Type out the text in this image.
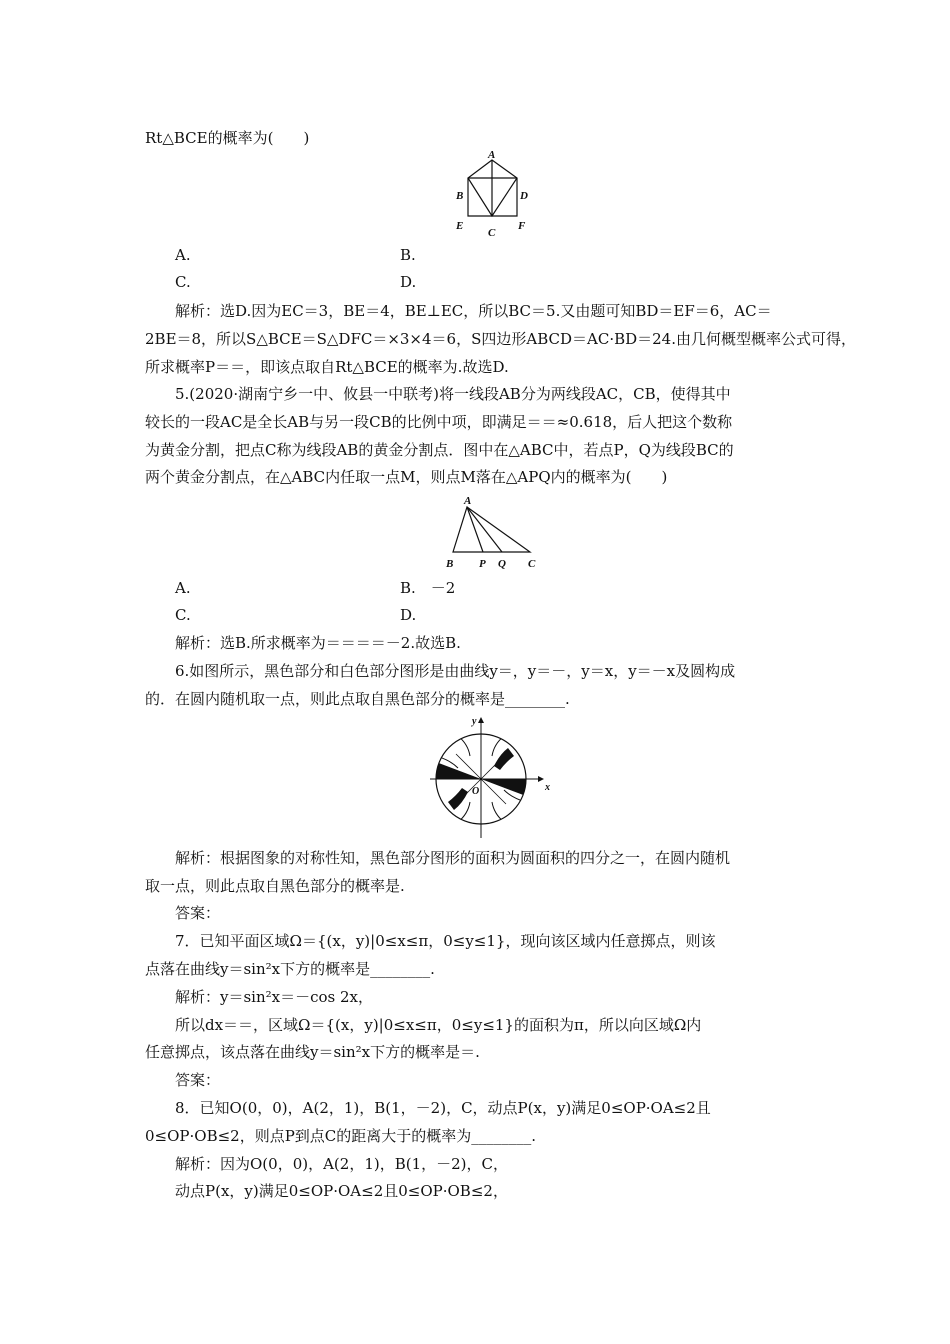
Rt△BCE的概率为(　　)
A
B	D
E
C
F
A.	B.
C.	D.
解析：选D.因为EC＝3，BE＝4，BE⊥EC，所以BC＝5.又由题可知BD＝EF＝6，AC＝
2BE＝8，所以S△BCE＝S△DFC＝×3×4＝6，S四边形ABCD＝AC·BD＝24.由几何概型概率公式可得，
所求概率P＝＝，即该点取自Rt△BCE的概率为.故选D.
5.(2020·湖南宁乡一中、攸县一中联考)将一线段AB分为两线段AC，CB，使得其中
较长的一段AC是全长AB与另一段CB的比例中项，即满足＝＝≈0.618，后人把这个数称
为黄金分割，把点C称为线段AB的黄金分割点．图中在△ABC中，若点P，Q为线段BC的
两个黄金分割点，在△ABC内任取一点M，则点M落在△APQ内的概率为(　　)
A
B P Q C
A.	B.　－2
C.	D.
解析：选B.所求概率为＝＝＝＝－2.故选B.
6.如图所示，黑色部分和白色部分图形是由曲线y＝，y＝－，y＝x，y＝－x及圆构成
的．在圆内随机取一点，则此点取自黑色部分的概率是________.
y
x
O
解析：根据图象的对称性知，黑色部分图形的面积为圆面积的四分之一，在圆内随机
取一点，则此点取自黑色部分的概率是.
答案：
7．已知平面区域Ω＝{(x，y)|0≤x≤π，0≤y≤1}，现向该区域内任意掷点，则该
点落在曲线y＝sin²x下方的概率是________.
解析：y＝sin²x＝－cos 2x，
所以dx＝＝，区域Ω＝{(x，y)|0≤x≤π，0≤y≤1}的面积为π，所以向区域Ω内
任意掷点，该点落在曲线y＝sin²x下方的概率是＝.
答案：
8．已知O(0，0)，A(2，1)，B(1，－2)，C，动点P(x，y)满足0≤OP·OA≤2且
0≤OP·OB≤2，则点P到点C的距离大于的概率为________.
解析：因为O(0，0)，A(2，1)，B(1，－2)，C，
动点P(x，y)满足0≤OP·OA≤2且0≤OP·OB≤2，
